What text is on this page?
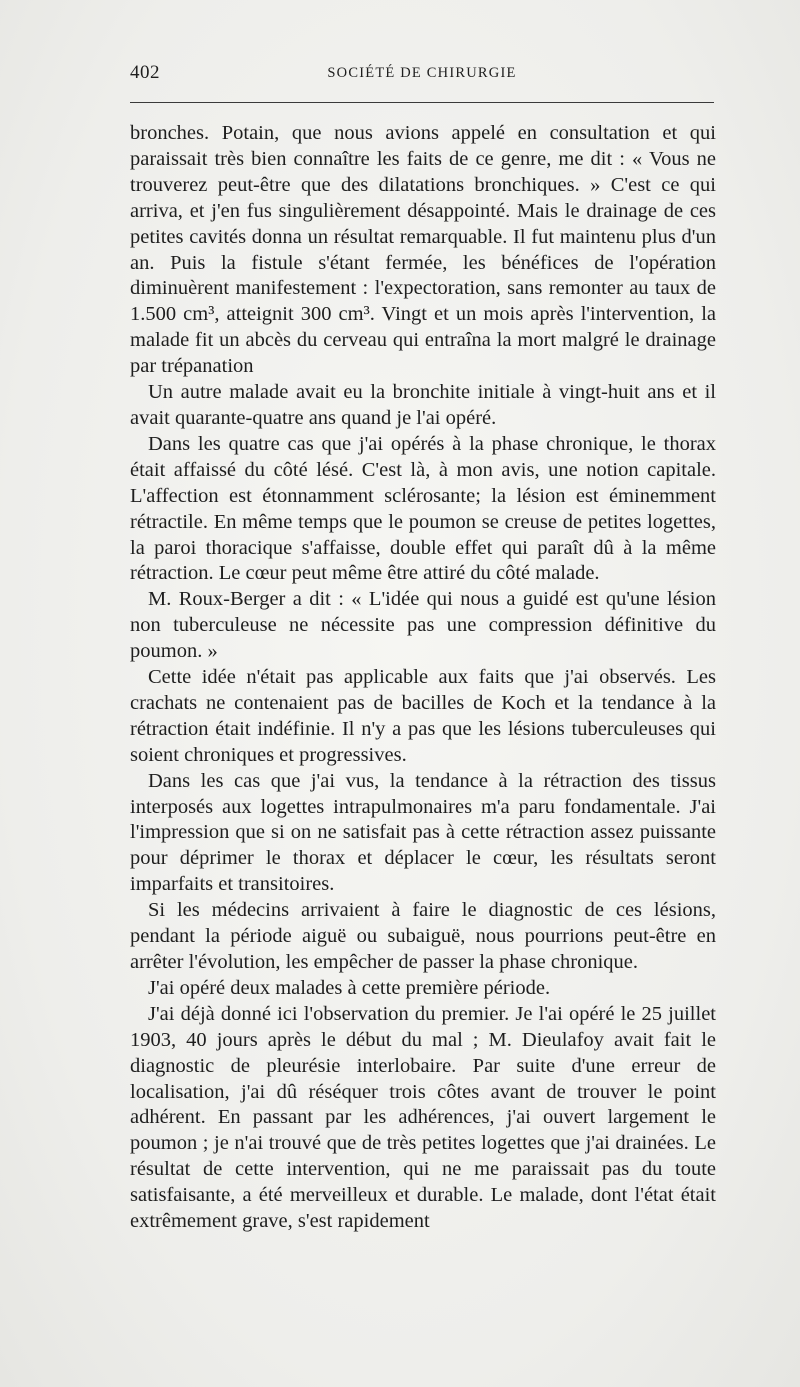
402	SOCIÉTÉ DE CHIRURGIE

bronches. Potain, que nous avions appelé en consultation et qui paraissait très bien connaître les faits de ce genre, me dit : « Vous ne trouverez peut-être que des dilatations bronchiques. » C'est ce qui arriva, et j'en fus singulièrement désappointé. Mais le drainage de ces petites cavités donna un résultat remarquable. Il fut maintenu plus d'un an. Puis la fistule s'étant fermée, les bénéfices de l'opération diminuèrent manifestement : l'expectoration, sans remonter au taux de 1.500 cm³, atteignit 300 cm³. Vingt et un mois après l'intervention, la malade fit un abcès du cerveau qui entraîna la mort malgré le drainage par trépanation

Un autre malade avait eu la bronchite initiale à vingt-huit ans et il avait quarante-quatre ans quand je l'ai opéré.

Dans les quatre cas que j'ai opérés à la phase chronique, le thorax était affaissé du côté lésé. C'est là, à mon avis, une notion capitale. L'affection est étonnamment sclérosante; la lésion est éminemment rétractile. En même temps que le poumon se creuse de petites logettes, la paroi thoracique s'affaisse, double effet qui paraît dû à la même rétraction. Le cœur peut même être attiré du côté malade.

M. Roux-Berger a dit : « L'idée qui nous a guidé est qu'une lésion non tuberculeuse ne nécessite pas une compression définitive du poumon. »

Cette idée n'était pas applicable aux faits que j'ai observés. Les crachats ne contenaient pas de bacilles de Koch et la tendance à la rétraction était indéfinie. Il n'y a pas que les lésions tuberculeuses qui soient chroniques et progressives.

Dans les cas que j'ai vus, la tendance à la rétraction des tissus interposés aux logettes intrapulmonaires m'a paru fondamentale. J'ai l'impression que si on ne satisfait pas à cette rétraction assez puissante pour déprimer le thorax et déplacer le cœur, les résultats seront imparfaits et transitoires.

Si les médecins arrivaient à faire le diagnostic de ces lésions, pendant la période aiguë ou subaiguë, nous pourrions peut-être en arrêter l'évolution, les empêcher de passer la phase chronique.

J'ai opéré deux malades à cette première période.

J'ai déjà donné ici l'observation du premier. Je l'ai opéré le 25 juillet 1903, 40 jours après le début du mal ; M. Dieulafoy avait fait le diagnostic de pleurésie interlobaire. Par suite d'une erreur de localisation, j'ai dû réséquer trois côtes avant de trouver le point adhérent. En passant par les adhérences, j'ai ouvert largement le poumon ; je n'ai trouvé que de très petites logettes que j'ai drainées. Le résultat de cette intervention, qui ne me paraissait pas du toute satisfaisante, a été merveilleux et durable. Le malade, dont l'état était extrêmement grave, s'est rapidement
